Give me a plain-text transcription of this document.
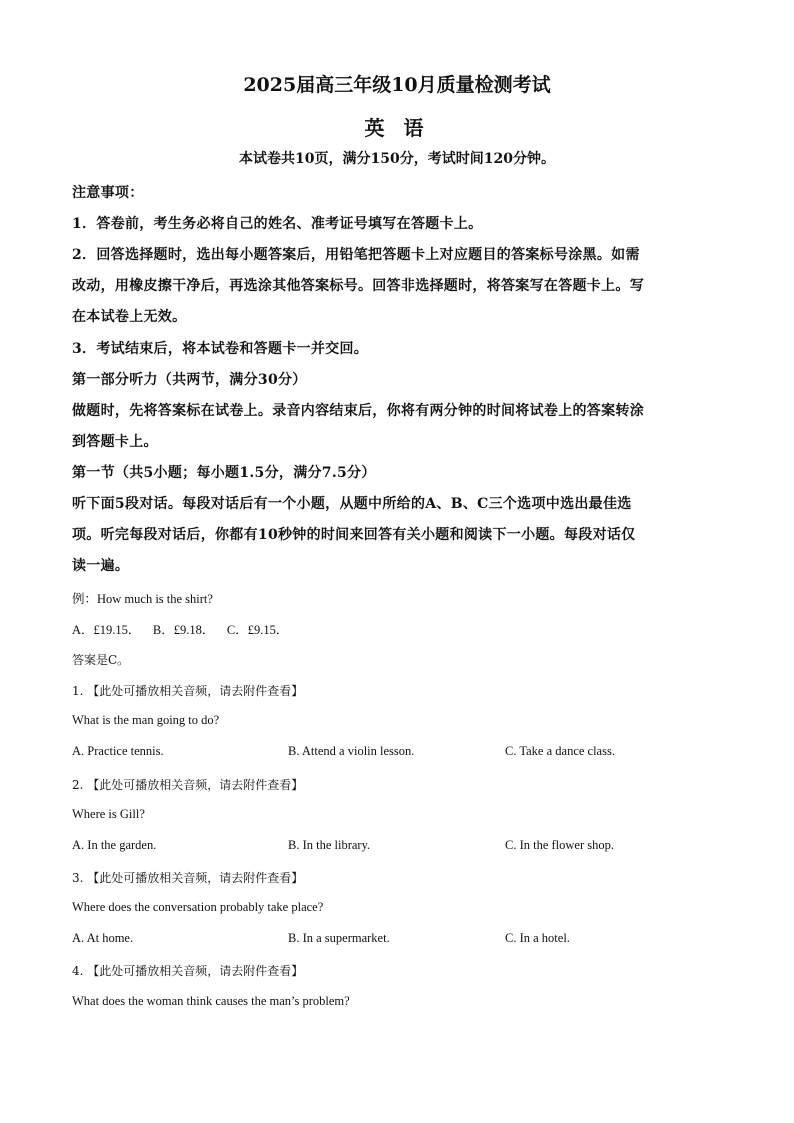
2025届高三年级10月质量检测考试
英 语
本试卷共10页，满分150分，考试时间120分钟。
注意事项：
1．答卷前，考生务必将自己的姓名、准考证号填写在答题卡上。
2．回答选择题时，选出每小题答案后，用铅笔把答题卡上对应题目的答案标号涂黑。如需
改动，用橡皮擦干净后，再选涂其他答案标号。回答非选择题时，将答案写在答题卡上。写
在本试卷上无效。
3．考试结束后，将本试卷和答题卡一并交回。
第一部分听力（共两节，满分30分）
做题时，先将答案标在试卷上。录音内容结束后，你将有两分钟的时间将试卷上的答案转涂
到答题卡上。
第一节（共5小题；每小题1.5分，满分7.5分）
听下面5段对话。每段对话后有一个小题，从题中所给的A、B、C三个选项中选出最佳选
项。听完每段对话后，你都有10秒钟的时间来回答有关小题和阅读下一小题。每段对话仅
读一遍。
例：How much is the shirt?
A．£19.15．    B．£9.18．    C．£9.15．
答案是C。
1. 【此处可播放相关音频，请去附件查看】
What is the man going to do?
A. Practice tennis.	B. Attend a violin lesson.	C. Take a dance class.
2. 【此处可播放相关音频，请去附件查看】
Where is Gill?
A. In the garden.	B. In the library.	C. In the flower shop.
3. 【此处可播放相关音频，请去附件查看】
Where does the conversation probably take place?
A. At home.	B. In a supermarket.	C. In a hotel.
4. 【此处可播放相关音频，请去附件查看】
What does the woman think causes the man’s problem?
